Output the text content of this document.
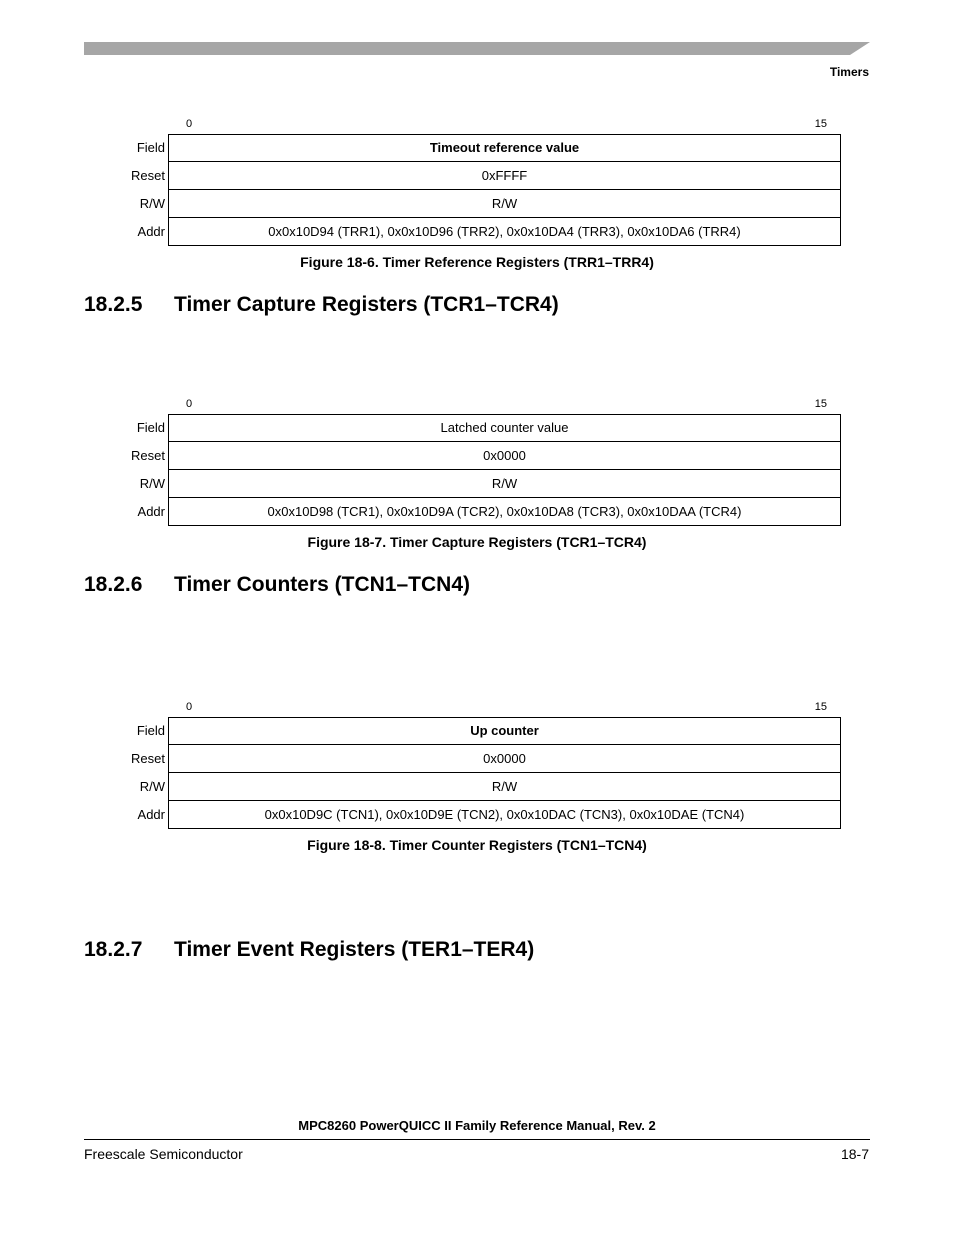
Timers
0	15
Field	Timeout reference value
Reset	0xFFFF
R/W	R/W
Addr	0x0x10D94 (TRR1), 0x0x10D96 (TRR2), 0x0x10DA4 (TRR3), 0x0x10DA6 (TRR4)
Figure 18-6. Timer Reference Registers (TRR1–TRR4)
18.2.5 Timer Capture Registers (TCR1–TCR4)
0	15
Field	Latched counter value
Reset	0x0000
R/W	R/W
Addr	0x0x10D98 (TCR1), 0x0x10D9A (TCR2), 0x0x10DA8 (TCR3), 0x0x10DAA (TCR4)
Figure 18-7. Timer Capture Registers (TCR1–TCR4)
18.2.6 Timer Counters (TCN1–TCN4)
0	15
Field	Up counter
Reset	0x0000
R/W	R/W
Addr	0x0x10D9C (TCN1), 0x0x10D9E (TCN2), 0x0x10DAC (TCN3), 0x0x10DAE (TCN4)
Figure 18-8. Timer Counter Registers (TCN1–TCN4)
18.2.7 Timer Event Registers (TER1–TER4)
MPC8260 PowerQUICC II Family Reference Manual, Rev. 2
Freescale Semiconductor	18-7
